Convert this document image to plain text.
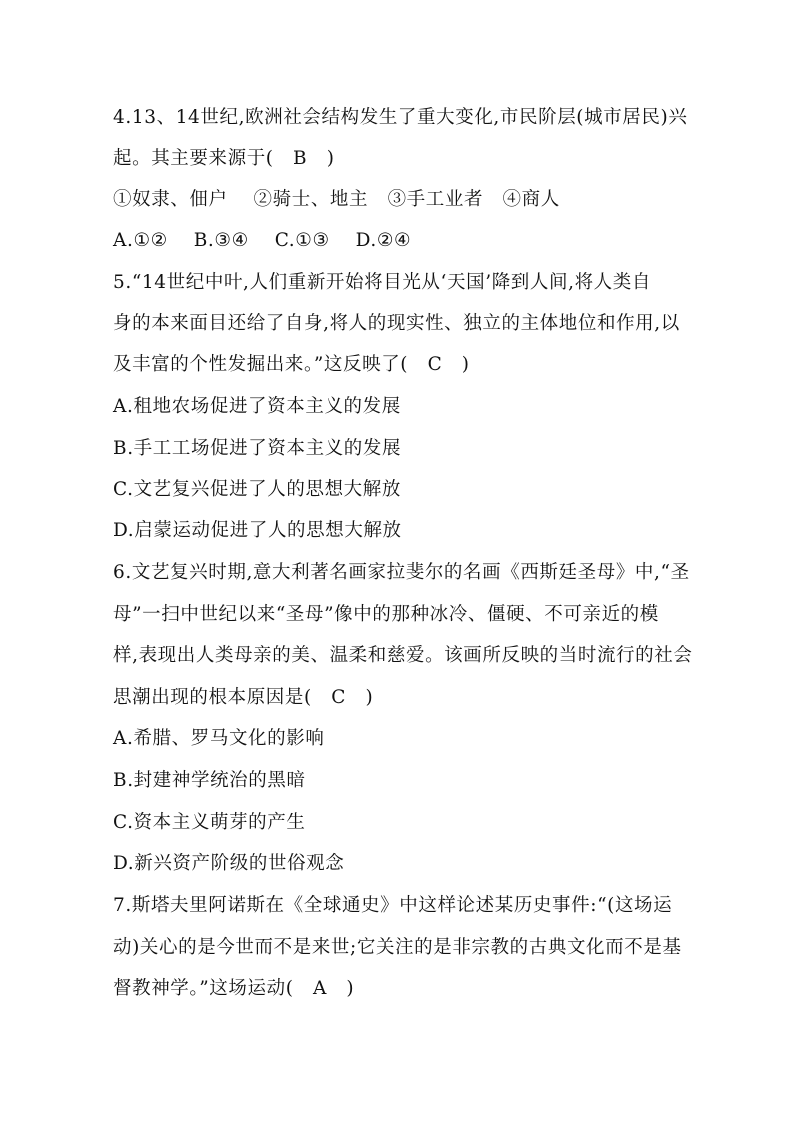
4.13、14世纪,欧洲社会结构发生了重大变化,市民阶层(城市居民)兴
起。其主要来源于(   B   )
①奴隶、佃户    ②骑士、地主   ③手工业者   ④商人
A.①②    B.③④    C.①③    D.②④
5.“14世纪中叶,人们重新开始将目光从‘天国’降到人间,将人类自
身的本来面目还给了自身,将人的现实性、独立的主体地位和作用,以
及丰富的个性发掘出来。”这反映了(   C   )
A.租地农场促进了资本主义的发展
B.手工工场促进了资本主义的发展
C.文艺复兴促进了人的思想大解放
D.启蒙运动促进了人的思想大解放
6.文艺复兴时期,意大利著名画家拉斐尔的名画《西斯廷圣母》中,“圣
母”一扫中世纪以来“圣母”像中的那种冰冷、僵硬、不可亲近的模
样,表现出人类母亲的美、温柔和慈爱。该画所反映的当时流行的社会
思潮出现的根本原因是(   C   )
A.希腊、罗马文化的影响
B.封建神学统治的黑暗
C.资本主义萌芽的产生
D.新兴资产阶级的世俗观念
7.斯塔夫里阿诺斯在《全球通史》中这样论述某历史事件:“(这场运
动)关心的是今世而不是来世;它关注的是非宗教的古典文化而不是基
督教神学。”这场运动(   A   )
